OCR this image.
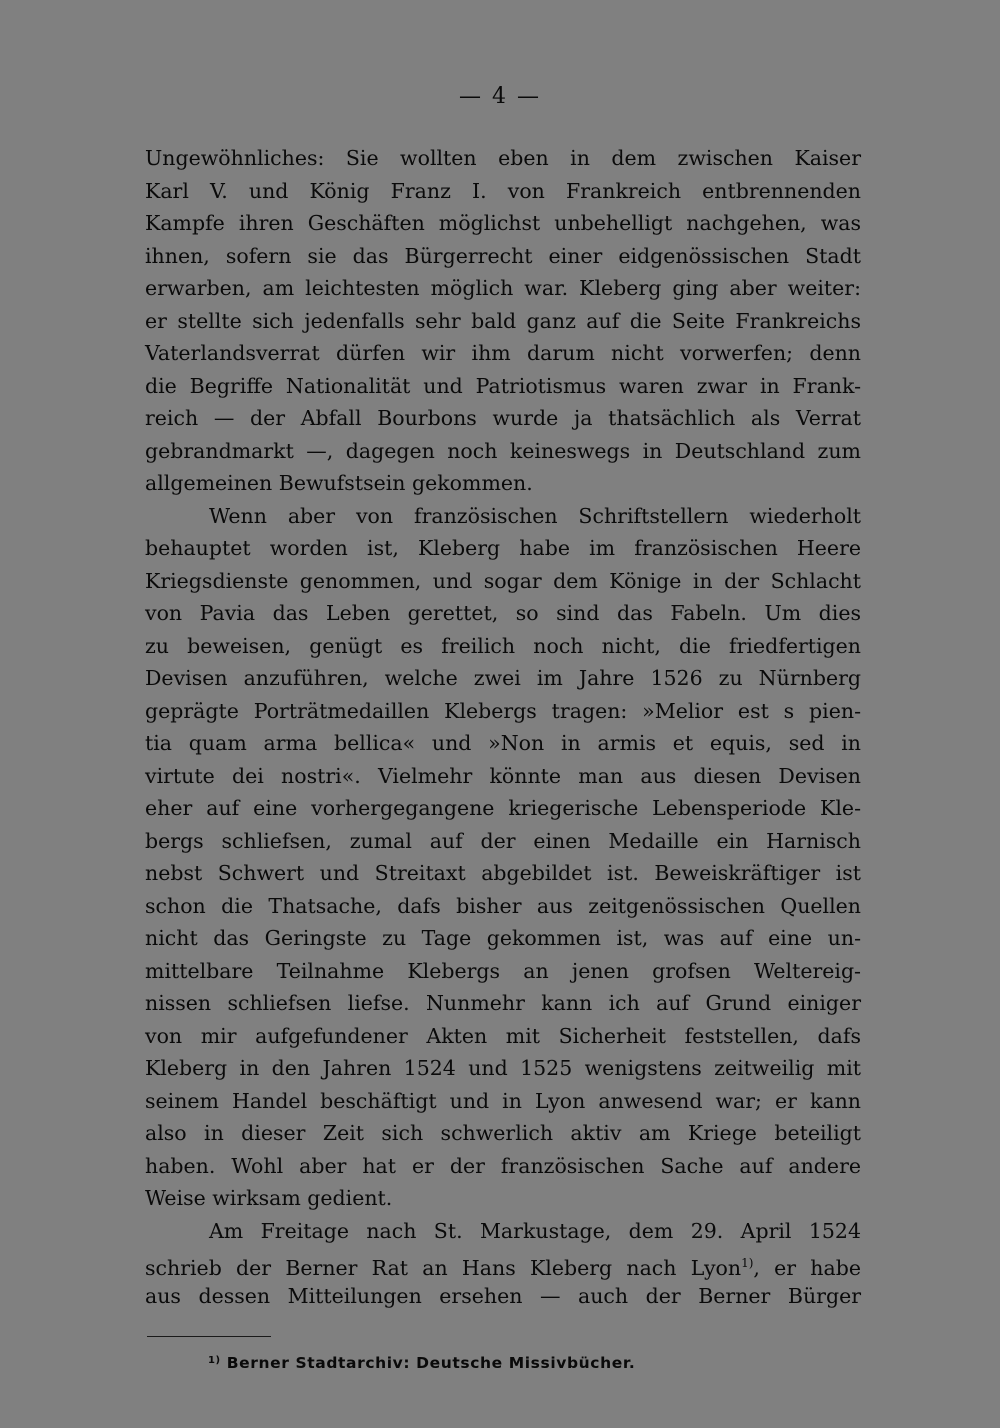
— 4 —
Ungewöhnliches: Sie wollten eben in dem zwischen Kaiser
Karl V. und König Franz I. von Frankreich entbrennenden
Kampfe ihren Geschäften möglichst unbehelligt nachgehen, was
ihnen, sofern sie das Bürgerrecht einer eidgenössischen Stadt
erwarben, am leichtesten möglich war. Kleberg ging aber weiter:
er stellte sich jedenfalls sehr bald ganz auf die Seite Frankreichs
Vaterlandsverrat dürfen wir ihm darum nicht vorwerfen; denn
die Begriffe Nationalität und Patriotismus waren zwar in Frank-
reich — der Abfall Bourbons wurde ja thatsächlich als Verrat
gebrandmarkt —, dagegen noch keineswegs in Deutschland zum
allgemeinen Bewufstsein gekommen.
Wenn aber von französischen Schriftstellern wiederholt
behauptet worden ist, Kleberg habe im französischen Heere
Kriegsdienste genommen, und sogar dem Könige in der Schlacht
von Pavia das Leben gerettet, so sind das Fabeln. Um dies
zu beweisen, genügt es freilich noch nicht, die friedfertigen
Devisen anzuführen, welche zwei im Jahre 1526 zu Nürnberg
geprägte Porträtmedaillen Klebergs tragen: »Melior est s pien-
tia quam arma bellica« und »Non in armis et equis, sed in
virtute dei nostri«. Vielmehr könnte man aus diesen Devisen
eher auf eine vorhergegangene kriegerische Lebensperiode Kle-
bergs schliefsen, zumal auf der einen Medaille ein Harnisch
nebst Schwert und Streitaxt abgebildet ist. Beweiskräftiger ist
schon die Thatsache, dafs bisher aus zeitgenössischen Quellen
nicht das Geringste zu Tage gekommen ist, was auf eine un-
mittelbare Teilnahme Klebergs an jenen grofsen Weltereig-
nissen schliefsen liefse. Nunmehr kann ich auf Grund einiger
von mir aufgefundener Akten mit Sicherheit feststellen, dafs
Kleberg in den Jahren 1524 und 1525 wenigstens zeitweilig mit
seinem Handel beschäftigt und in Lyon anwesend war; er kann
also in dieser Zeit sich schwerlich aktiv am Kriege beteiligt
haben. Wohl aber hat er der französischen Sache auf andere
Weise wirksam gedient.
Am Freitage nach St. Markustage, dem 29. April 1524
schrieb der Berner Rat an Hans Kleberg nach Lyon$^{1)}$, er habe
aus dessen Mitteilungen ersehen — auch der Berner Bürger
$^{1)}$ Berner Stadtarchiv: Deutsche Missivbücher.
